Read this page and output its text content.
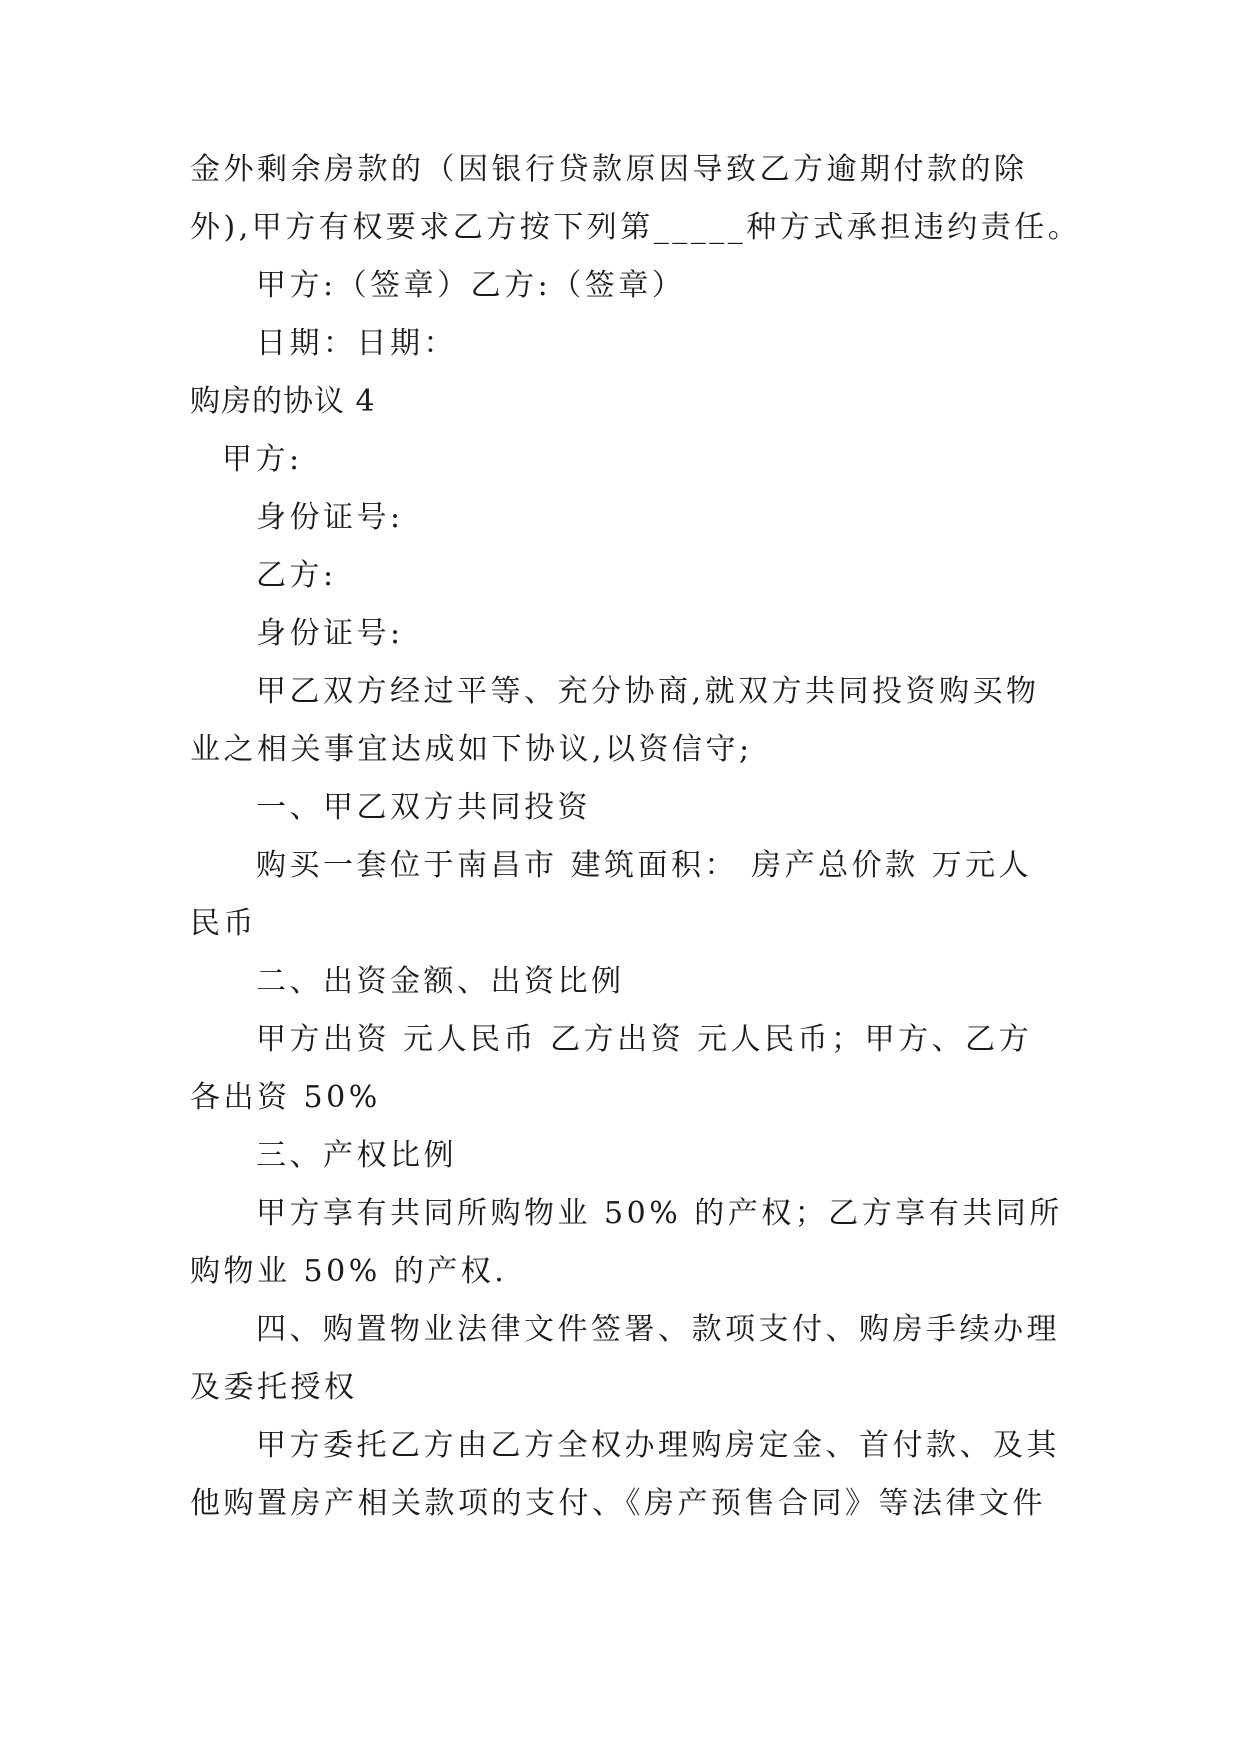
金外剩余房款的（因银行贷款原因导致乙方逾期付款的除
外),甲方有权要求乙方按下列第_____种方式承担违约责任。
甲方:（签章）乙方:（签章）
日期：日期：
购房的协议 4
甲方:
身份证号:
乙方:
身份证号:
甲乙双方经过平等、充分协商,就双方共同投资购买物
业之相关事宜达成如下协议,以资信守;
一、甲乙双方共同投资
购买一套位于南昌市 建筑面积： 房产总价款 万元人
民币
二、出资金额、出资比例
甲方出资 元人民币 乙方出资 元人民币；甲方、乙方
各出资 50%
三、产权比例
甲方享有共同所购物业 50% 的产权；乙方享有共同所
购物业 50% 的产权.
四、购置物业法律文件签署、款项支付、购房手续办理
及委托授权
甲方委托乙方由乙方全权办理购房定金、首付款、及其
他购置房产相关款项的支付、《房产预售合同》等法律文件
